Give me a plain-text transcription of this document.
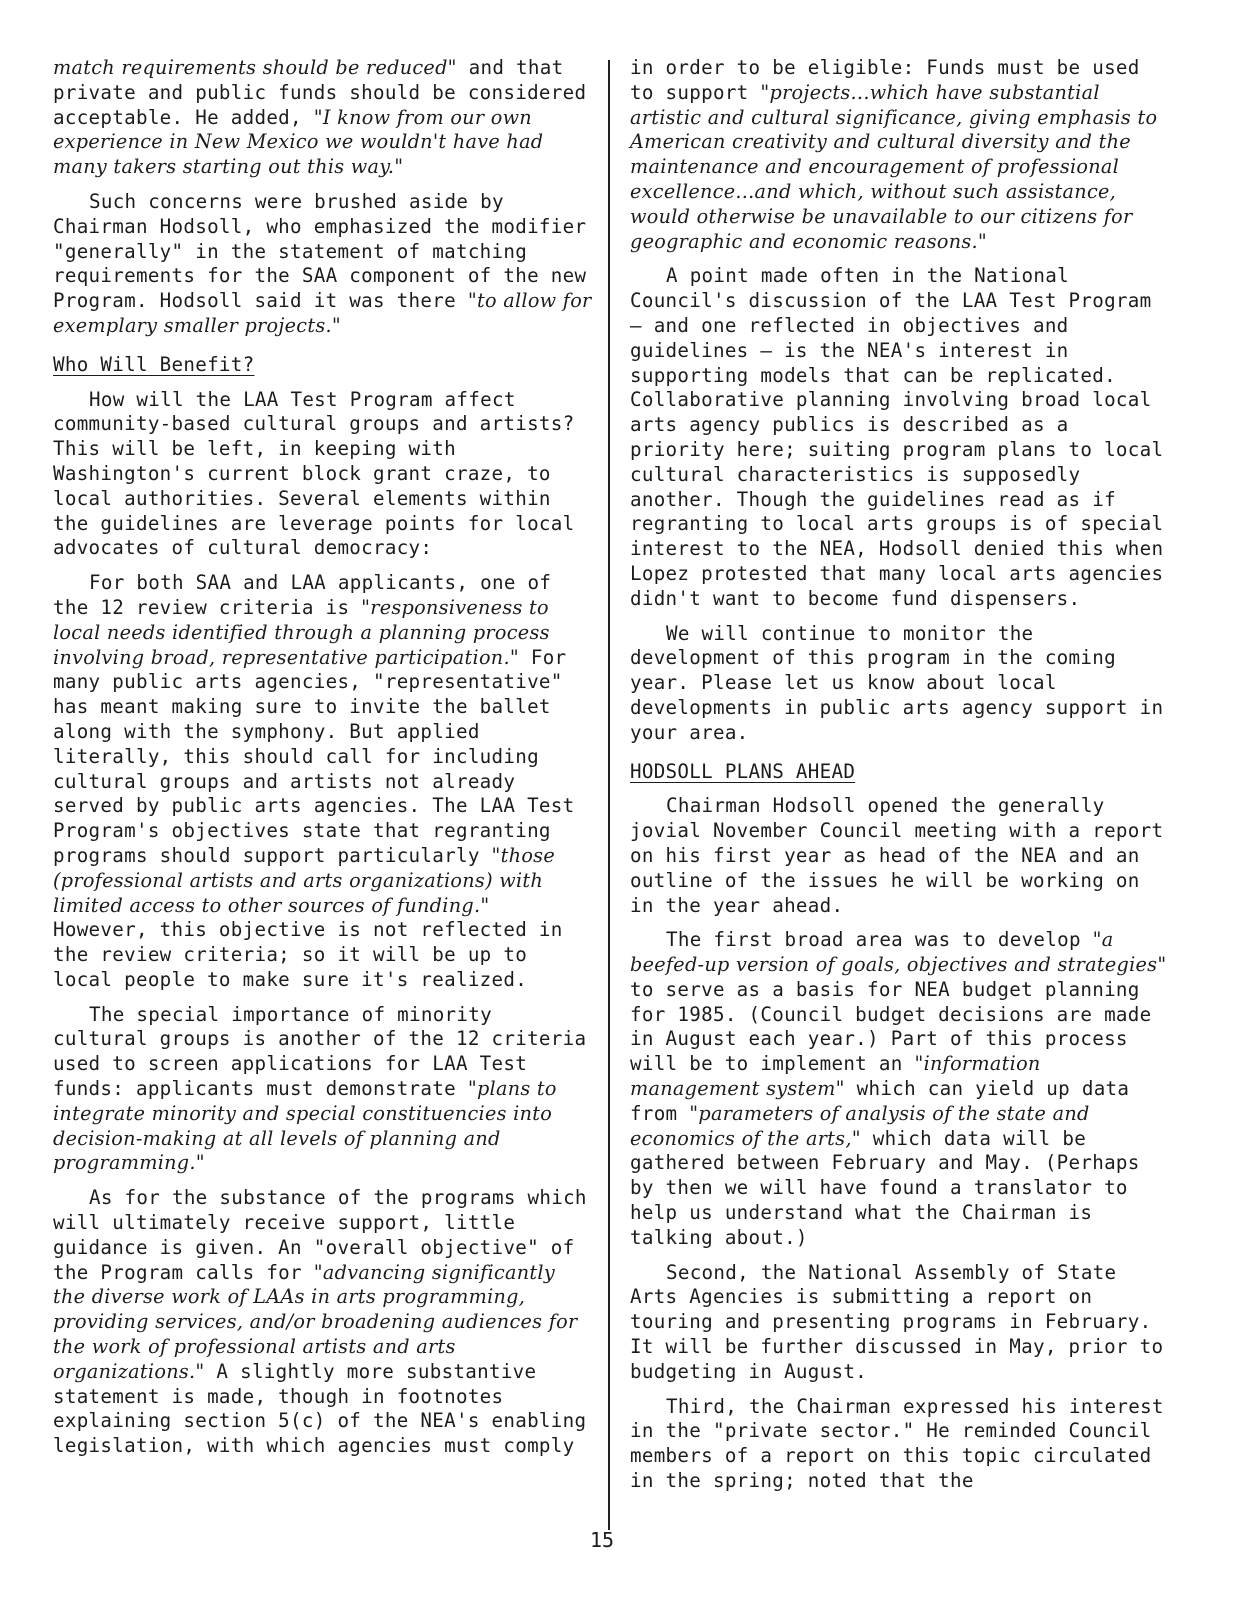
match requirements should be reduced" and that private and public funds should be considered acceptable. He added, "I know from our own experience in New Mexico we wouldn't have had many takers starting out this way."

Such concerns were brushed aside by Chairman Hodsoll, who emphasized the modifier "generally" in the statement of matching requirements for the SAA component of the new Program. Hodsoll said it was there "to allow for exemplary smaller projects."

Who Will Benefit?

How will the LAA Test Program affect community-based cultural groups and artists? This will be left, in keeping with Washington's current block grant craze, to local authorities. Several elements within the guidelines are leverage points for local advocates of cultural democracy:

For both SAA and LAA applicants, one of the 12 review criteria is "responsiveness to local needs identified through a planning process involving broad, representative participation." For many public arts agencies, "representative" has meant making sure to invite the ballet along with the symphony. But applied literally, this should call for including cultural groups and artists not already served by public arts agencies. The LAA Test Program's objectives state that regranting programs should support particularly "those (professional artists and arts organizations) with limited access to other sources of funding." However, this objective is not reflected in the review criteria; so it will be up to local people to make sure it's realized.

The special importance of minority cultural groups is another of the 12 criteria used to screen applications for LAA Test funds: applicants must demonstrate "plans to integrate minority and special constituencies into decision-making at all levels of planning and programming."

As for the substance of the programs which will ultimately receive support, little guidance is given. An "overall objective" of the Program calls for "advancing significantly the diverse work of LAAs in arts programming, providing services, and/or broadening audiences for the work of professional artists and arts organizations." A slightly more substantive statement is made, though in footnotes explaining section 5(c) of the NEA's enabling legislation, with which agencies must comply

in order to be eligible: Funds must be used to support "projects...which have substantial artistic and cultural significance, giving emphasis to American creativity and cultural diversity and the maintenance and encouragement of professional excellence...and which, without such assistance, would otherwise be unavailable to our citizens for geographic and economic reasons."

A point made often in the National Council's discussion of the LAA Test Program — and one reflected in objectives and guidelines — is the NEA's interest in supporting models that can be replicated. Collaborative planning involving broad local arts agency publics is described as a priority here; suiting program plans to local cultural characteristics is supposedly another. Though the guidelines read as if regranting to local arts groups is of special interest to the NEA, Hodsoll denied this when Lopez protested that many local arts agencies didn't want to become fund dispensers.

We will continue to monitor the development of this program in the coming year. Please let us know about local developments in public arts agency support in your area.

HODSOLL PLANS AHEAD

Chairman Hodsoll opened the generally jovial November Council meeting with a report on his first year as head of the NEA and an outline of the issues he will be working on in the year ahead.

The first broad area was to develop "a beefed-up version of goals, objectives and strategies" to serve as a basis for NEA budget planning for 1985. (Council budget decisions are made in August each year.) Part of this process will be to implement an "information management system" which can yield up data from "parameters of analysis of the state and economics of the arts," which data will be gathered between February and May. (Perhaps by then we will have found a translator to help us understand what the Chairman is talking about.)

Second, the National Assembly of State Arts Agencies is submitting a report on touring and presenting programs in February. It will be further discussed in May, prior to budgeting in August.

Third, the Chairman expressed his interest in the "private sector." He reminded Council members of a report on this topic circulated in the spring; noted that the

15
